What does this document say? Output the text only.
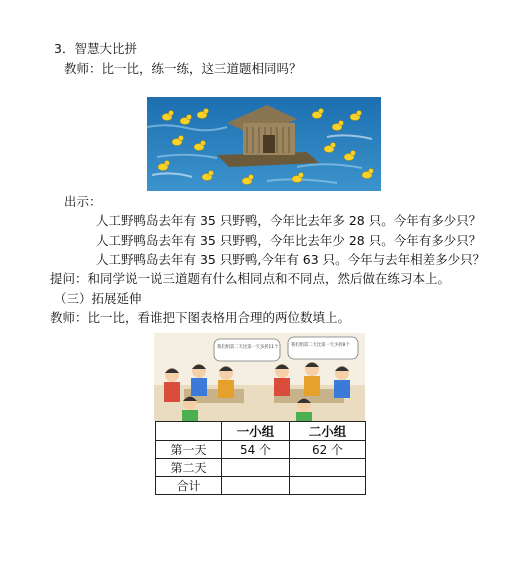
3．智慧大比拼
教师：比一比，练一练，这三道题相同吗？
出示：
人工野鸭岛去年有 35 只野鸭，今年比去年多 28 只。今年有多少只？
人工野鸭岛去年有 35 只野鸭，今年比去年少 28 只。今年有多少只？
人工野鸭岛去年有 35 只野鸭,今年有 63 只。今年与去年相差多少只？
提问：和同学说一说三道题有什么相同点和不同点，然后做在练习本上。
（三）拓展延伸
教师：比一比，看谁把下图表格用合理的两位数填上。
我们组第二天比第一天多折11个	我们组第二天比第一天少折8个
	一小组	二小组
第一天	54 个	62 个
第二天		
合计		
